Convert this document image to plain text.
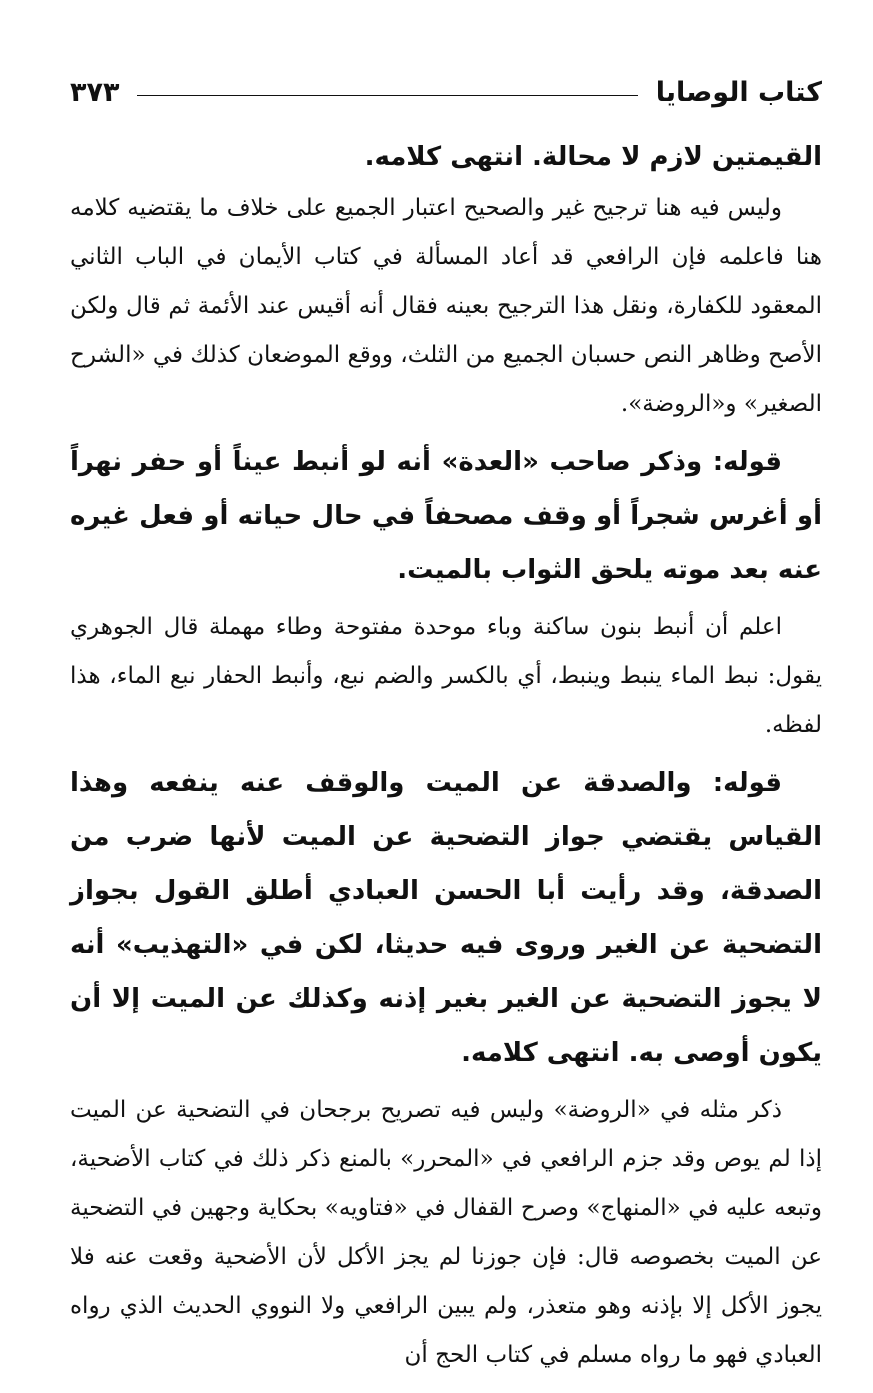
كتاب الوصايا
٣٧٣

القيمتين لازم لا محالة. انتهى كلامه.

وليس فيه هنا ترجيح غير والصحيح اعتبار الجميع على خلاف ما يقتضيه كلامه هنا فاعلمه فإن الرافعي قد أعاد المسألة في كتاب الأيمان في الباب الثاني المعقود للكفارة، ونقل هذا الترجيح بعينه فقال أنه أقيس عند الأئمة ثم قال ولكن الأصح وظاهر النص حسبان الجميع من الثلث، ووقع الموضعان كذلك في «الشرح الصغير» و«الروضة».

قوله: وذكر صاحب «العدة» أنه لو أنبط عيناً أو حفر نهراً أو أغرس شجراً أو وقف مصحفاً في حال حياته أو فعل غيره عنه بعد موته يلحق الثواب بالميت.

اعلم أن أنبط بنون ساكنة وباء موحدة مفتوحة وطاء مهملة قال الجوهري يقول: نبط الماء ينبط وينبط، أي بالكسر والضم نبع، وأنبط الحفار نبع الماء، هذا لفظه.

قوله: والصدقة عن الميت والوقف عنه ينفعه وهذا القياس يقتضي جواز التضحية عن الميت لأنها ضرب من الصدقة، وقد رأيت أبا الحسن العبادي أطلق القول بجواز التضحية عن الغير وروى فيه حديثا، لكن في «التهذيب» أنه لا يجوز التضحية عن الغير بغير إذنه وكذلك عن الميت إلا أن يكون أوصى به. انتهى كلامه.

ذكر مثله في «الروضة» وليس فيه تصريح برجحان في التضحية عن الميت إذا لم يوص وقد جزم الرافعي في «المحرر» بالمنع ذكر ذلك في كتاب الأضحية، وتبعه عليه في «المنهاج» وصرح القفال في «فتاويه» بحكاية وجهين في التضحية عن الميت بخصوصه قال: فإن جوزنا لم يجز الأكل لأن الأضحية وقعت عنه فلا يجوز الأكل إلا بإذنه وهو متعذر، ولم يبين الرافعي ولا النووي الحديث الذي رواه العبادي فهو ما رواه مسلم في كتاب الحج أن
